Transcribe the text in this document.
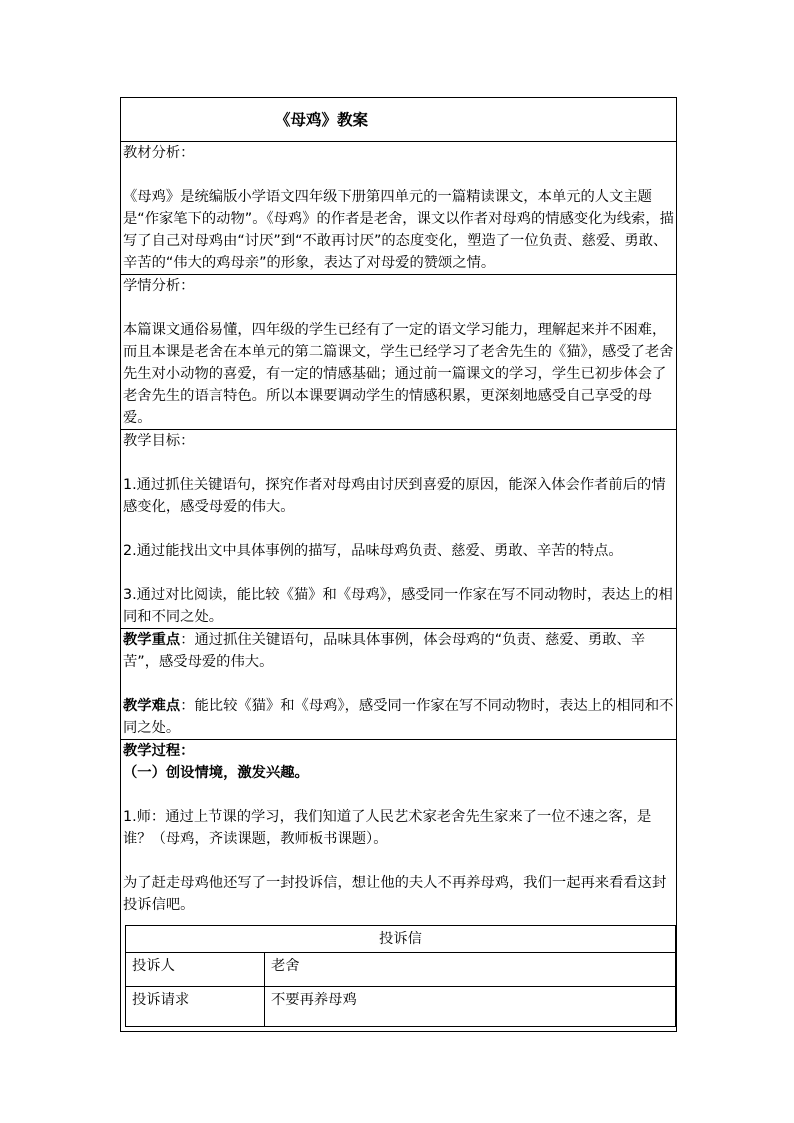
《母鸡》教案

教材分析：

《母鸡》是统编版小学语文四年级下册第四单元的一篇精读课文，本单元的人文主题是“作家笔下的动物”。《母鸡》的作者是老舍，课文以作者对母鸡的情感变化为线索，描写了自己对母鸡由“讨厌”到“不敢再讨厌”的态度变化，塑造了一位负责、慈爱、勇敢、辛苦的“伟大的鸡母亲”的形象，表达了对母爱的赞颂之情。

学情分析：

本篇课文通俗易懂，四年级的学生已经有了一定的语文学习能力，理解起来并不困难，而且本课是老舍在本单元的第二篇课文，学生已经学习了老舍先生的《猫》，感受了老舍先生对小动物的喜爱，有一定的情感基础；通过前一篇课文的学习，学生已初步体会了老舍先生的语言特色。所以本课要调动学生的情感积累，更深刻地感受自己享受的母爱。

教学目标：

1.通过抓住关键语句，探究作者对母鸡由讨厌到喜爱的原因，能深入体会作者前后的情感变化，感受母爱的伟大。

2.通过能找出文中具体事例的描写，品味母鸡负责、慈爱、勇敢、辛苦的特点。

3.通过对比阅读，能比较《猫》和《母鸡》，感受同一作家在写不同动物时，表达上的相同和不同之处。

教学重点：通过抓住关键语句，品味具体事例，体会母鸡的“负责、慈爱、勇敢、辛苦”，感受母爱的伟大。

教学难点：能比较《猫》和《母鸡》，感受同一作家在写不同动物时，表达上的相同和不同之处。

教学过程：

（一）创设情境，激发兴趣。

1.师：通过上节课的学习，我们知道了人民艺术家老舍先生家来了一位不速之客，是谁？（母鸡，齐读课题，教师板书课题）。

为了赶走母鸡他还写了一封投诉信，想让他的夫人不再养母鸡，我们一起再来看看这封投诉信吧。

投诉信	
投诉人	老舍
投诉请求	不要再养母鸡
